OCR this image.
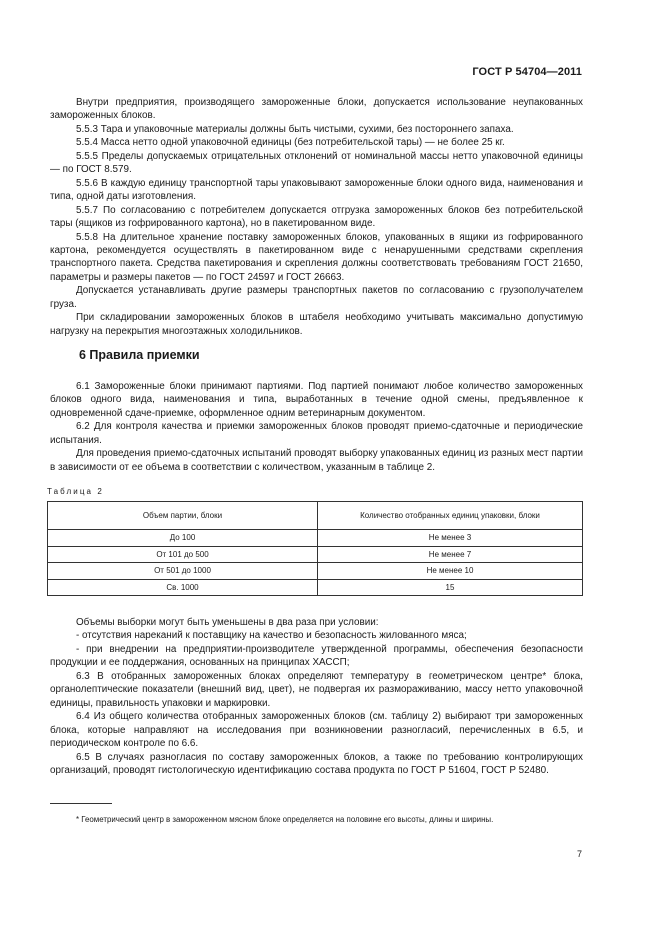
ГОСТ Р 54704—2011

Внутри предприятия, производящего замороженные блоки, допускается использование неупакованных замороженных блоков.

5.5.3 Тара и упаковочные материалы должны быть чистыми, сухими, без постороннего запаха.

5.5.4 Масса нетто одной упаковочной единицы (без потребительской тары) — не более 25 кг.

5.5.5 Пределы допускаемых отрицательных отклонений от номинальной массы нетто упаковочной единицы — по ГОСТ 8.579.

5.5.6 В каждую единицу транспортной тары упаковывают замороженные блоки одного вида, наименования и типа, одной даты изготовления.

5.5.7 По согласованию с потребителем допускается отгрузка замороженных блоков без потребительской тары (ящиков из гофрированного картона), но в пакетированном виде.

5.5.8 На длительное хранение поставку замороженных блоков, упакованных в ящики из гофрированного картона, рекомендуется осуществлять в пакетированном виде с ненарушенными средствами скрепления транспортного пакета. Средства пакетирования и скрепления должны соответствовать требованиям ГОСТ 21650, параметры и размеры пакетов — по ГОСТ 24597 и ГОСТ 26663.

Допускается устанавливать другие размеры транспортных пакетов по согласованию с грузополучателем груза.

При складировании замороженных блоков в штабеля необходимо учитывать максимально допустимую нагрузку на перекрытия многоэтажных холодильников.

6 Правила приемки

6.1 Замороженные блоки принимают партиями. Под партией понимают любое количество замороженных блоков одного вида, наименования и типа, выработанных в течение одной смены, предъявленное к одновременной сдаче-приемке, оформленное одним ветеринарным документом.

6.2 Для контроля качества и приемки замороженных блоков проводят приемо-сдаточные и периодические испытания.

Для проведения приемо-сдаточных испытаний проводят выборку упакованных единиц из разных мест партии в зависимости от ее объема в соответствии с количеством, указанным в таблице 2.

Таблица 2
Объем партии, блоки	Количество отобранных единиц упаковки, блоки
До 100	Не менее 3
От 101 до 500	Не менее 7
От 501 до 1000	Не менее 10
Св. 1000	15

Объемы выборки могут быть уменьшены в два раза при условии:

- отсутствия нареканий к поставщику на качество и безопасность жилованного мяса;

- при внедрении на предприятии-производителе утвержденной программы, обеспечения безопасности продукции и ее поддержания, основанных на принципах ХАССП;

6.3 В отобранных замороженных блоках определяют температуру в геометрическом центре* блока, органолептические показатели (внешний вид, цвет), не подвергая их размораживанию, массу нетто упаковочной единицы, правильность упаковки и маркировки.

6.4 Из общего количества отобранных замороженных блоков (см. таблицу 2) выбирают три замороженных блока, которые направляют на исследования при возникновении разногласий, перечисленных в 6.5, и периодическом контроле по 6.6.

6.5 В случаях разногласия по составу замороженных блоков, а также по требованию контролирующих организаций, проводят гистологическую идентификацию состава продукта по ГОСТ Р 51604, ГОСТ Р 52480.

* Геометрический центр в замороженном мясном блоке определяется на половине его высоты, длины и ширины.

7
